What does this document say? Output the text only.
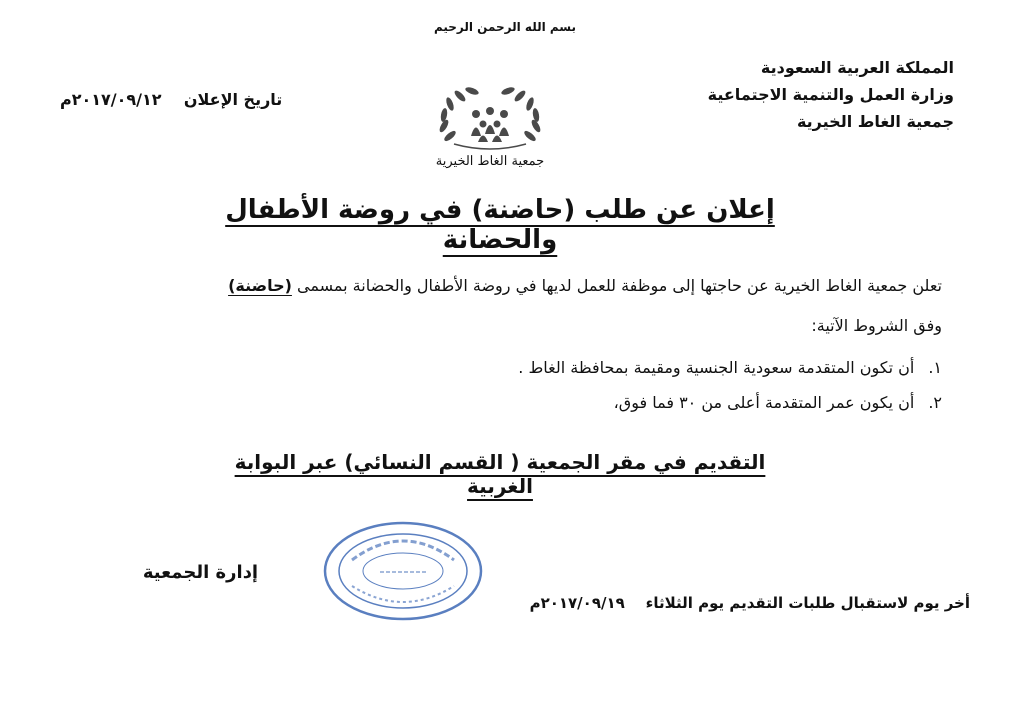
بسم الله الرحمن الرحيم
المملكة العربية السعودية
وزارة العمل والتنمية الاجتماعية
جمعية الغاط الخيرية
تاريخ الإعلان    ٢٠١٧/٠٩/١٢م
جمعية الغاط الخيرية
إعلان عن طلب (حاضنة) في روضة الأطفال والحضانة
تعلن جمعية الغاط الخيرية عن حاجتها إلى موظفة للعمل لديها في روضة الأطفال والحضانة بمسمى (حاضنة)
وفق الشروط الآتية:
١.أن تكون المتقدمة سعودية الجنسية ومقيمة بمحافظة الغاط .
٢.أن يكون عمر المتقدمة أعلى من ٣٠ فما فوق،
التقديم في مقر الجمعية ( القسم النسائي) عبر البوابة الغربية
إدارة الجمعية
أخر يوم لاستقبال طلبات التقديم يوم الثلاثاء    ٢٠١٧/٠٩/١٩م
